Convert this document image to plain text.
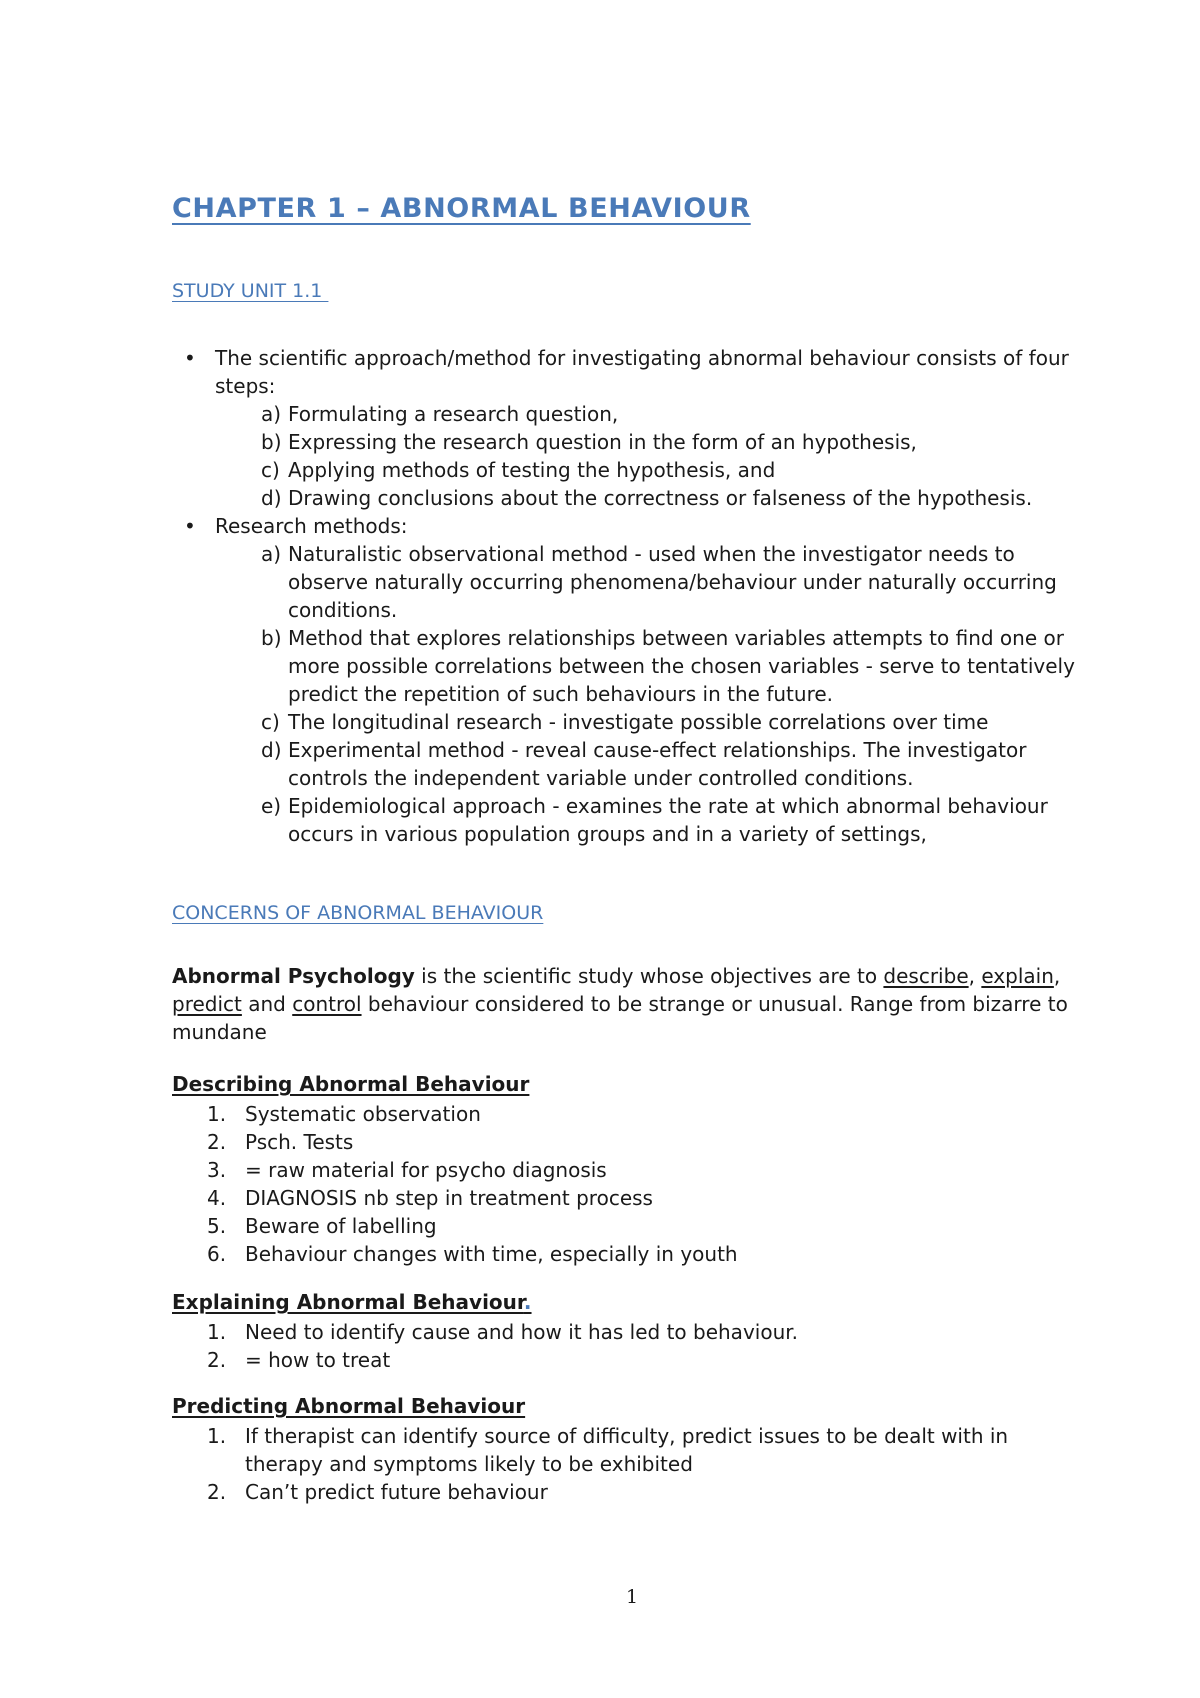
CHAPTER 1 – ABNORMAL BEHAVIOUR
STUDY UNIT 1.1
• The scientific approach/method for investigating abnormal behaviour consists of four steps:
a) Formulating a research question,
b) Expressing the research question in the form of an hypothesis,
c) Applying methods of testing the hypothesis, and
d) Drawing conclusions about the correctness or falseness of the hypothesis.
• Research methods:
a) Naturalistic observational method - used when the investigator needs to observe naturally occurring phenomena/behaviour under naturally occurring conditions.
b) Method that explores relationships between variables attempts to find one or more possible correlations between the chosen variables - serve to tentatively predict the repetition of such behaviours in the future.
c) The longitudinal research - investigate possible correlations over time
d) Experimental method - reveal cause-effect relationships. The investigator controls the independent variable under controlled conditions.
e) Epidemiological approach - examines the rate at which abnormal behaviour occurs in various population groups and in a variety of settings,
CONCERNS OF ABNORMAL BEHAVIOUR

Abnormal Psychology is the scientific study whose objectives are to describe, explain, predict and control behaviour considered to be strange or unusual. Range from bizarre to mundane

Describing Abnormal Behaviour
1. Systematic observation
2. Psch. Tests
3. = raw material for psycho diagnosis
4. DIAGNOSIS nb step in treatment process
5. Beware of labelling
6. Behaviour changes with time, especially in youth
Explaining Abnormal Behaviour.
1. Need to identify cause and how it has led to behaviour.
2. = how to treat
Predicting Abnormal Behaviour
1. If therapist can identify source of difficulty, predict issues to be dealt with in therapy and symptoms likely to be exhibited
2. Can’t predict future behaviour
1
